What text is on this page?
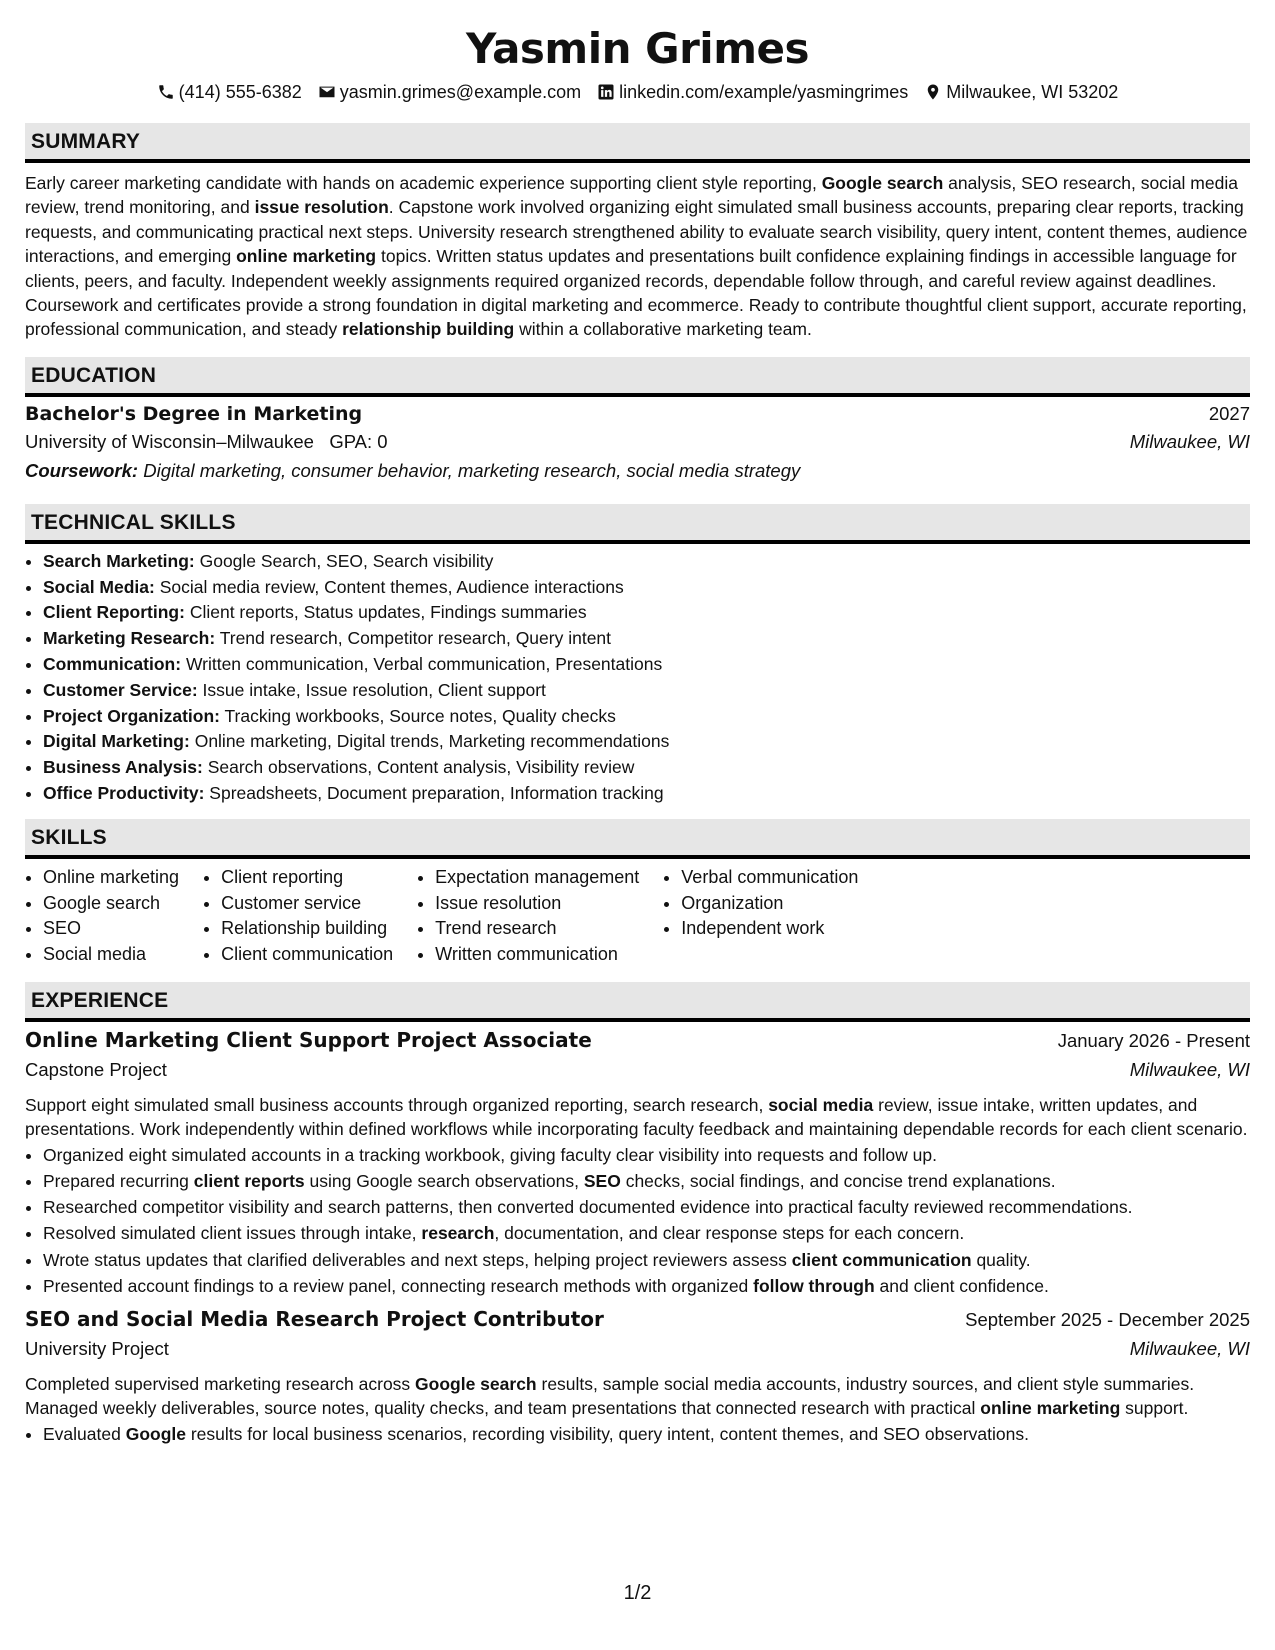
Yasmin Grimes
(414) 555-6382 yasmin.grimes@example.com linkedin.com/example/yasmingrimes Milwaukee, WI 53202
SUMMARY
Early career marketing candidate with hands on academic experience supporting client style reporting, Google search analysis, SEO research, social media review, trend monitoring, and issue resolution. Capstone work involved organizing eight simulated small business accounts, preparing clear reports, tracking requests, and communicating practical next steps. University research strengthened ability to evaluate search visibility, query intent, content themes, audience interactions, and emerging online marketing topics. Written status updates and presentations built confidence explaining findings in accessible language for clients, peers, and faculty. Independent weekly assignments required organized records, dependable follow through, and careful review against deadlines. Coursework and certificates provide a strong foundation in digital marketing and ecommerce. Ready to contribute thoughtful client support, accurate reporting, professional communication, and steady relationship building within a collaborative marketing team.
EDUCATION
Bachelor's Degree in Marketing	2027
University of Wisconsin–Milwaukee GPA: 0	Milwaukee, WI
Coursework: Digital marketing, consumer behavior, marketing research, social media strategy
TECHNICAL SKILLS
• Search Marketing: Google Search, SEO, Search visibility
• Social Media: Social media review, Content themes, Audience interactions
• Client Reporting: Client reports, Status updates, Findings summaries
• Marketing Research: Trend research, Competitor research, Query intent
• Communication: Written communication, Verbal communication, Presentations
• Customer Service: Issue intake, Issue resolution, Client support
• Project Organization: Tracking workbooks, Source notes, Quality checks
• Digital Marketing: Online marketing, Digital trends, Marketing recommendations
• Business Analysis: Search observations, Content analysis, Visibility review
• Office Productivity: Spreadsheets, Document preparation, Information tracking
SKILLS
• Online marketing
• Google search
• SEO
• Social media
• Client reporting
• Customer service
• Relationship building
• Client communication
• Expectation management
• Issue resolution
• Trend research
• Written communication
• Verbal communication
• Organization
• Independent work
EXPERIENCE
Online Marketing Client Support Project Associate	January 2026 - Present
Capstone Project	Milwaukee, WI
Support eight simulated small business accounts through organized reporting, search research, social media review, issue intake, written updates, and presentations. Work independently within defined workflows while incorporating faculty feedback and maintaining dependable records for each client scenario.
• Organized eight simulated accounts in a tracking workbook, giving faculty clear visibility into requests and follow up.
• Prepared recurring client reports using Google search observations, SEO checks, social findings, and concise trend explanations.
• Researched competitor visibility and search patterns, then converted documented evidence into practical faculty reviewed recommendations.
• Resolved simulated client issues through intake, research, documentation, and clear response steps for each concern.
• Wrote status updates that clarified deliverables and next steps, helping project reviewers assess client communication quality.
• Presented account findings to a review panel, connecting research methods with organized follow through and client confidence.
SEO and Social Media Research Project Contributor	September 2025 - December 2025
University Project	Milwaukee, WI
Completed supervised marketing research across Google search results, sample social media accounts, industry sources, and client style summaries. Managed weekly deliverables, source notes, quality checks, and team presentations that connected research with practical online marketing support.
• Evaluated Google results for local business scenarios, recording visibility, query intent, content themes, and SEO observations.
1/2
